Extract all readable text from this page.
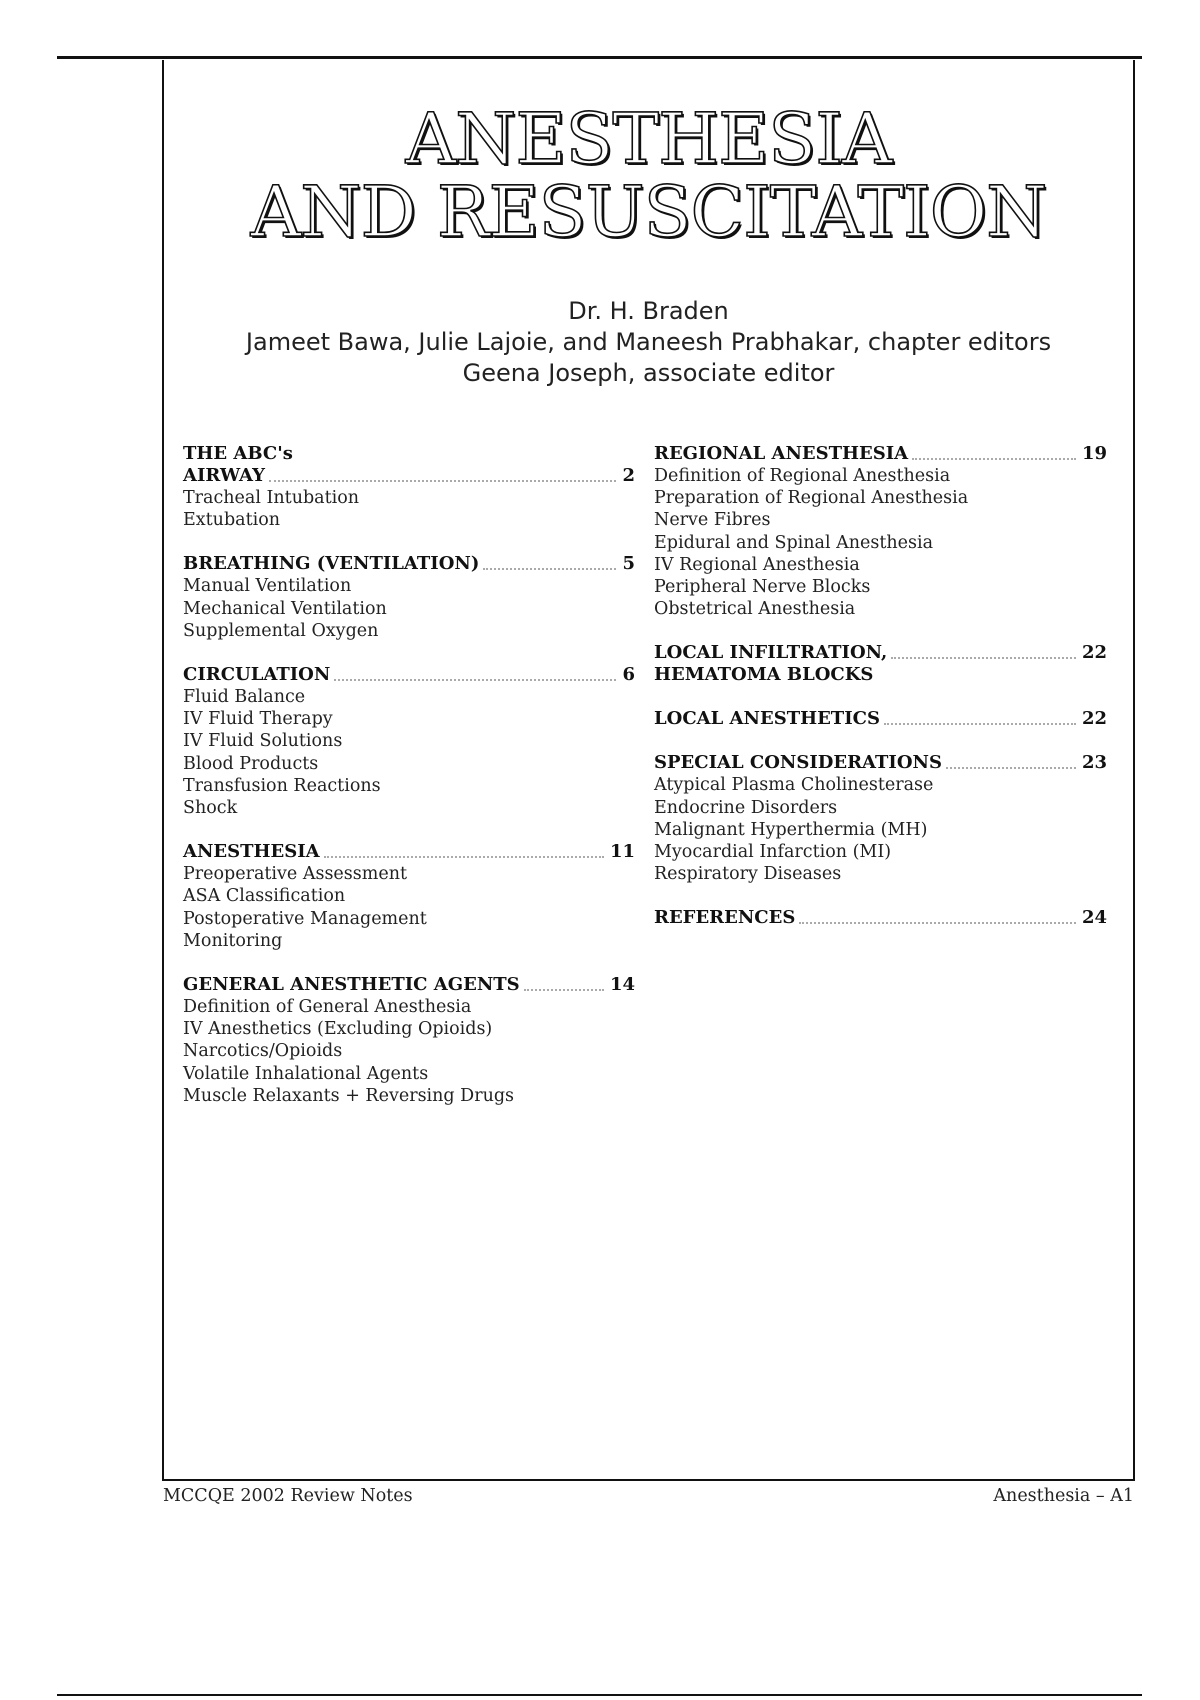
ANESTHESIA
AND RESUSCITATION
Dr. H. Braden
Jameet Bawa, Julie Lajoie, and Maneesh Prabhakar, chapter editors
Geena Joseph, associate editor
THE ABC's
AIRWAY	2
Tracheal Intubation
Extubation
BREATHING (VENTILATION)	5
Manual Ventilation
Mechanical Ventilation
Supplemental Oxygen
CIRCULATION	6
Fluid Balance
IV Fluid Therapy
IV Fluid Solutions
Blood Products
Transfusion Reactions
Shock
ANESTHESIA	11
Preoperative Assessment
ASA Classification
Postoperative Management
Monitoring
GENERAL ANESTHETIC AGENTS	14
Definition of General Anesthesia
IV Anesthetics (Excluding Opioids)
Narcotics/Opioids
Volatile Inhalational Agents
Muscle Relaxants + Reversing Drugs
REGIONAL ANESTHESIA	19
Definition of Regional Anesthesia
Preparation of Regional Anesthesia
Nerve Fibres
Epidural and Spinal Anesthesia
IV Regional Anesthesia
Peripheral Nerve Blocks
Obstetrical Anesthesia
LOCAL INFILTRATION,	22
HEMATOMA BLOCKS
LOCAL ANESTHETICS	22
SPECIAL CONSIDERATIONS	23
Atypical Plasma Cholinesterase
Endocrine Disorders
Malignant Hyperthermia (MH)
Myocardial Infarction (MI)
Respiratory Diseases
REFERENCES	24
MCCQE 2002 Review Notes	Anesthesia – A1
